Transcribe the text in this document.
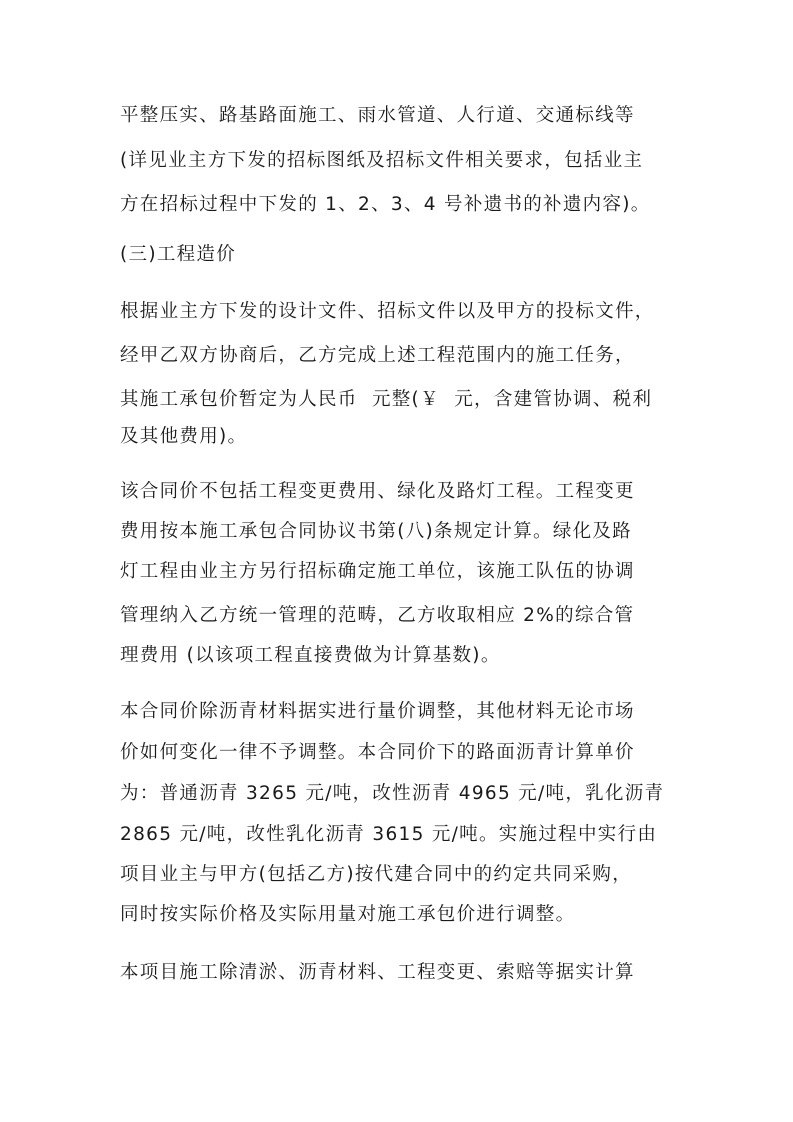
平整压实、路基路面施工、雨水管道、人行道、交通标线等
(详见业主方下发的招标图纸及招标文件相关要求，包括业主
方在招标过程中下发的 1、2、3、4 号补遗书的补遗内容)。
(三)工程造价
根据业主方下发的设计文件、招标文件以及甲方的投标文件，
经甲乙双方协商后，乙方完成上述工程范围内的施工任务，
其施工承包价暂定为人民币  元整(￥  元，含建管协调、税利
及其他费用)。
该合同价不包括工程变更费用、绿化及路灯工程。工程变更
费用按本施工承包合同协议书第(八)条规定计算。绿化及路
灯工程由业主方另行招标确定施工单位，该施工队伍的协调
管理纳入乙方统一管理的范畴，乙方收取相应 2%的综合管
理费用 (以该项工程直接费做为计算基数)。
本合同价除沥青材料据实进行量价调整，其他材料无论市场
价如何变化一律不予调整。本合同价下的路面沥青计算单价
为：普通沥青 3265 元/吨，改性沥青 4965 元/吨，乳化沥青
2865 元/吨，改性乳化沥青 3615 元/吨。实施过程中实行由
项目业主与甲方(包括乙方)按代建合同中的约定共同采购，
同时按实际价格及实际用量对施工承包价进行调整。
本项目施工除清淤、沥青材料、工程变更、索赔等据实计算
